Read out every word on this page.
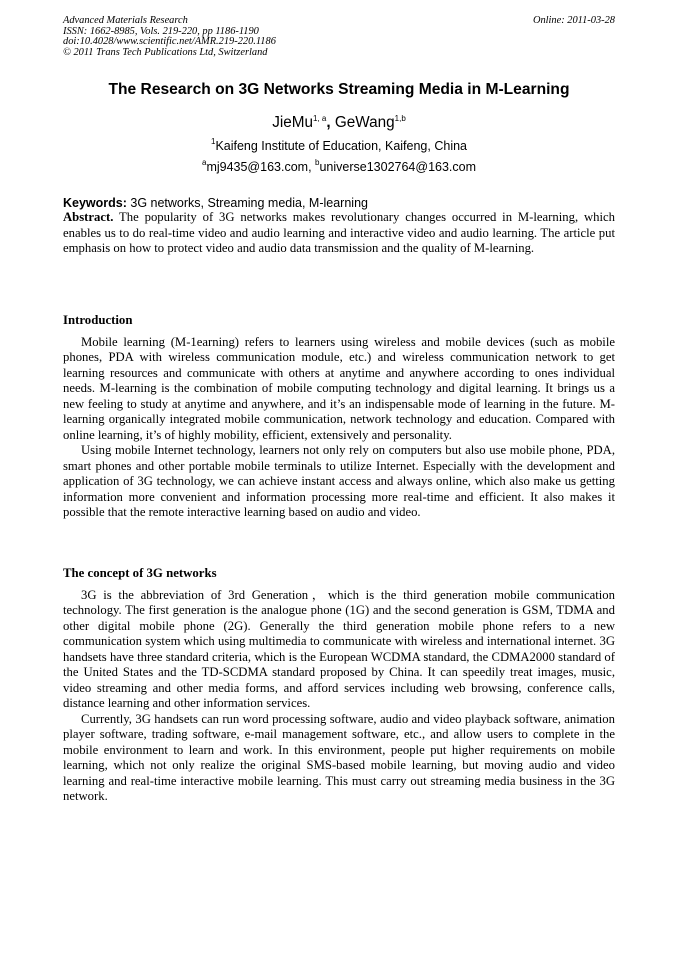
Advanced Materials Research
ISSN: 1662-8985, Vols. 219-220, pp 1186-1190
doi:10.4028/www.scientific.net/AMR.219-220.1186
© 2011 Trans Tech Publications Ltd, Switzerland
Online: 2011-03-28
The Research on 3G Networks Streaming Media in M-Learning
JieMu$^{1, a}$, GeWang$^{1,b}$
$^1$Kaifeng Institute of Education, Kaifeng, China
$^a$mj9435@163.com, $^b$universe1302764@163.com
Keywords: 3G networks, Streaming media, M-learning

Abstract. The popularity of 3G networks makes revolutionary changes occurred in M-learning, which enables us to do real-time video and audio learning and interactive video and audio learning. The article put emphasis on how to protect video and audio data transmission and the quality of M-learning.

Introduction

Mobile learning (M-1earning) refers to learners using wireless and mobile devices (such as mobile phones, PDA with wireless communication module, etc.) and wireless communication network to get learning resources and communicate with others at anytime and anywhere according to ones individual needs. M-learning is the combination of mobile computing technology and digital learning. It brings us a new feeling to study at anytime and anywhere, and it’s an indispensable mode of learning in the future. M-learning organically integrated mobile communication, network technology and education. Compared with online learning, it’s of highly mobility, efficient, extensively and personality.

Using mobile Internet technology, learners not only rely on computers but also use mobile phone, PDA, smart phones and other portable mobile terminals to utilize Internet. Especially with the development and application of 3G technology, we can achieve instant access and always online, which also make us getting information more convenient and information processing more real-time and efficient. It also makes it possible that the remote interactive learning based on audio and video.

The concept of 3G networks

3G is the abbreviation of 3rd Generation，which is the third generation mobile communication technology. The first generation is the analogue phone (1G) and the second generation is GSM, TDMA and other digital mobile phone (2G). Generally the third generation mobile phone refers to a new communication system which using multimedia to communicate with wireless and international internet. 3G handsets have three standard criteria, which is the European WCDMA standard, the CDMA2000 standard of the United States and the TD-SCDMA standard proposed by China. It can speedily treat images, music, video streaming and other media forms, and afford services including web browsing, conference calls, distance learning and other information services.

Currently, 3G handsets can run word processing software, audio and video playback software, animation player software, trading software, e-mail management software, etc., and allow users to complete in the mobile environment to learn and work. In this environment, people put higher requirements on mobile learning, which not only realize the original SMS-based mobile learning, but moving audio and video learning and real-time interactive mobile learning. This must carry out streaming media business in the 3G network.
